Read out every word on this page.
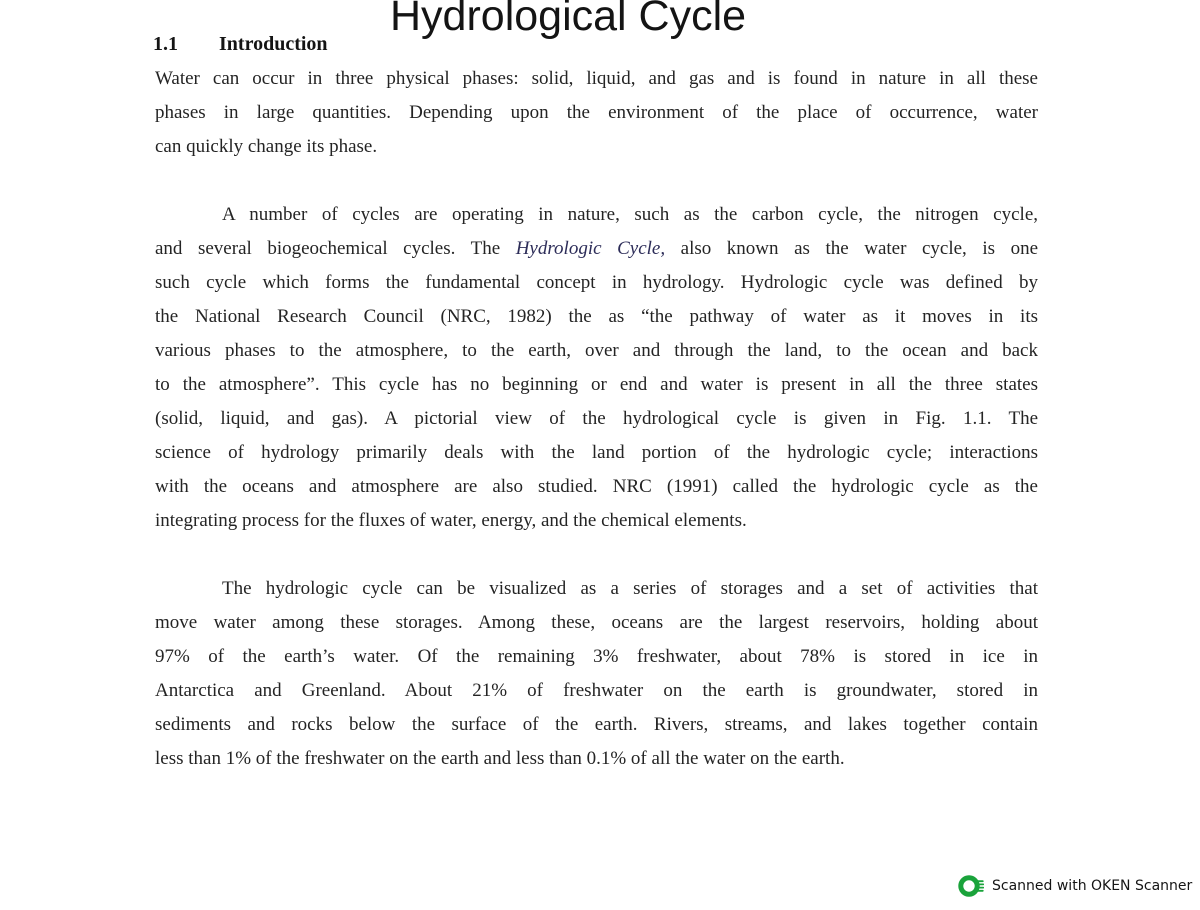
Hydrological Cycle
1.1 Introduction

Water can occur in three physical phases: solid, liquid, and gas and is found in nature in all these
phases in large quantities. Depending upon the environment of the place of occurrence, water
can quickly change its phase.

A number of cycles are operating in nature, such as the carbon cycle, the nitrogen cycle,
and several biogeochemical cycles. The Hydrologic Cycle, also known as the water cycle, is one
such cycle which forms the fundamental concept in hydrology. Hydrologic cycle was defined by
the National Research Council (NRC, 1982) the as “the pathway of water as it moves in its
various phases to the atmosphere, to the earth, over and through the land, to the ocean and back
to the atmosphere”. This cycle has no beginning or end and water is present in all the three states
(solid, liquid, and gas). A pictorial view of the hydrological cycle is given in Fig. 1.1. The
science of hydrology primarily deals with the land portion of the hydrologic cycle; interactions
with the oceans and atmosphere are also studied. NRC (1991) called the hydrologic cycle as the
integrating process for the fluxes of water, energy, and the chemical elements.

The hydrologic cycle can be visualized as a series of storages and a set of activities that
move water among these storages. Among these, oceans are the largest reservoirs, holding about
97% of the earth’s water. Of the remaining 3% freshwater, about 78% is stored in ice in
Antarctica and Greenland. About 21% of freshwater on the earth is groundwater, stored in
sediments and rocks below the surface of the earth. Rivers, streams, and lakes together contain
less than 1% of the freshwater on the earth and less than 0.1% of all the water on the earth.

Scanned with OKEN Scanner
